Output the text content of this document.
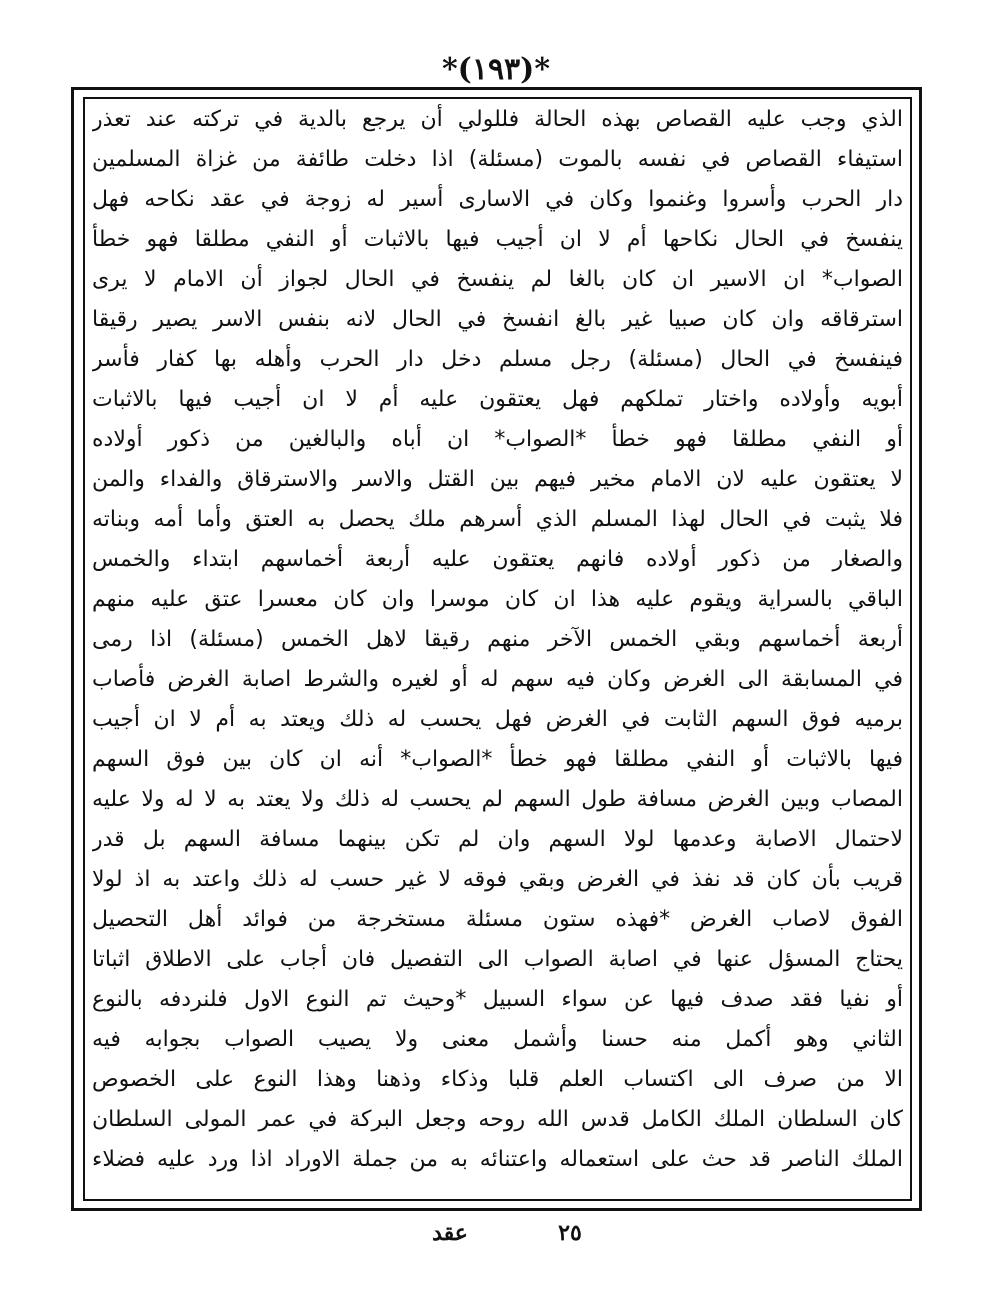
*(١٩٣)*
الذي وجب عليه القصاص بهذه الحالة فللولي أن يرجع بالدية في تركته عند تعذر
استيفاء القصاص في نفسه بالموت (مسئلة) اذا دخلت طائفة من غزاة المسلمين
دار الحرب وأسروا وغنموا وكان في الاسارى أسير له زوجة في عقد نكاحه فهل
ينفسخ في الحال نكاحها أم لا ان أجيب فيها بالاثبات أو النفي مطلقا فهو خطأ
الصواب* ان الاسير ان كان بالغا لم ينفسخ في الحال لجواز أن الامام لا يرى
استرقاقه وان كان صبيا غير بالغ انفسخ في الحال لانه بنفس الاسر يصير رقيقا
فينفسخ في الحال (مسئلة) رجل مسلم دخل دار الحرب وأهله بها كفار فأسر
أبويه وأولاده واختار تملكهم فهل يعتقون عليه أم لا ان أجيب فيها بالاثبات
أو النفي مطلقا فهو خطأ *الصواب* ان أباه والبالغين من ذكور أولاده
لا يعتقون عليه لان الامام مخير فيهم بين القتل والاسر والاسترقاق والفداء والمن
فلا يثبت في الحال لهذا المسلم الذي أسرهم ملك يحصل به العتق وأما أمه وبناته
والصغار من ذكور أولاده فانهم يعتقون عليه أربعة أخماسهم ابتداء والخمس
الباقي بالسراية ويقوم عليه هذا ان كان موسرا وان كان معسرا عتق عليه منهم
أربعة أخماسهم وبقي الخمس الآخر منهم رقيقا لاهل الخمس (مسئلة) اذا رمى
في المسابقة الى الغرض وكان فيه سهم له أو لغيره والشرط اصابة الغرض فأصاب
برميه فوق السهم الثابت في الغرض فهل يحسب له ذلك ويعتد به أم لا ان أجيب
فيها بالاثبات أو النفي مطلقا فهو خطأ *الصواب* أنه ان كان بين فوق السهم
المصاب وبين الغرض مسافة طول السهم لم يحسب له ذلك ولا يعتد به لا له ولا عليه
لاحتمال الاصابة وعدمها لولا السهم وان لم تكن بينهما مسافة السهم بل قدر
قريب بأن كان قد نفذ في الغرض وبقي فوقه لا غير حسب له ذلك واعتد به اذ لولا
الفوق لاصاب الغرض *فهذه ستون مسئلة مستخرجة من فوائد أهل التحصيل
يحتاج المسؤل عنها في اصابة الصواب الى التفصيل فان أجاب على الاطلاق اثباتا
أو نفيا فقد صدف فيها عن سواء السبيل *وحيث تم النوع الاول فلنردفه بالنوع
الثاني وهو أكمل منه حسنا وأشمل معنى ولا يصيب الصواب بجوابه فيه
الا من صرف الى اكتساب العلم قلبا وذكاء وذهنا وهذا النوع على الخصوص
كان السلطان الملك الكامل قدس الله روحه وجعل البركة في عمر المولى السلطان
الملك الناصر قد حث على استعماله واعتنائه به من جملة الاوراد اذا ورد عليه فضلاء
٢٥
عقد
